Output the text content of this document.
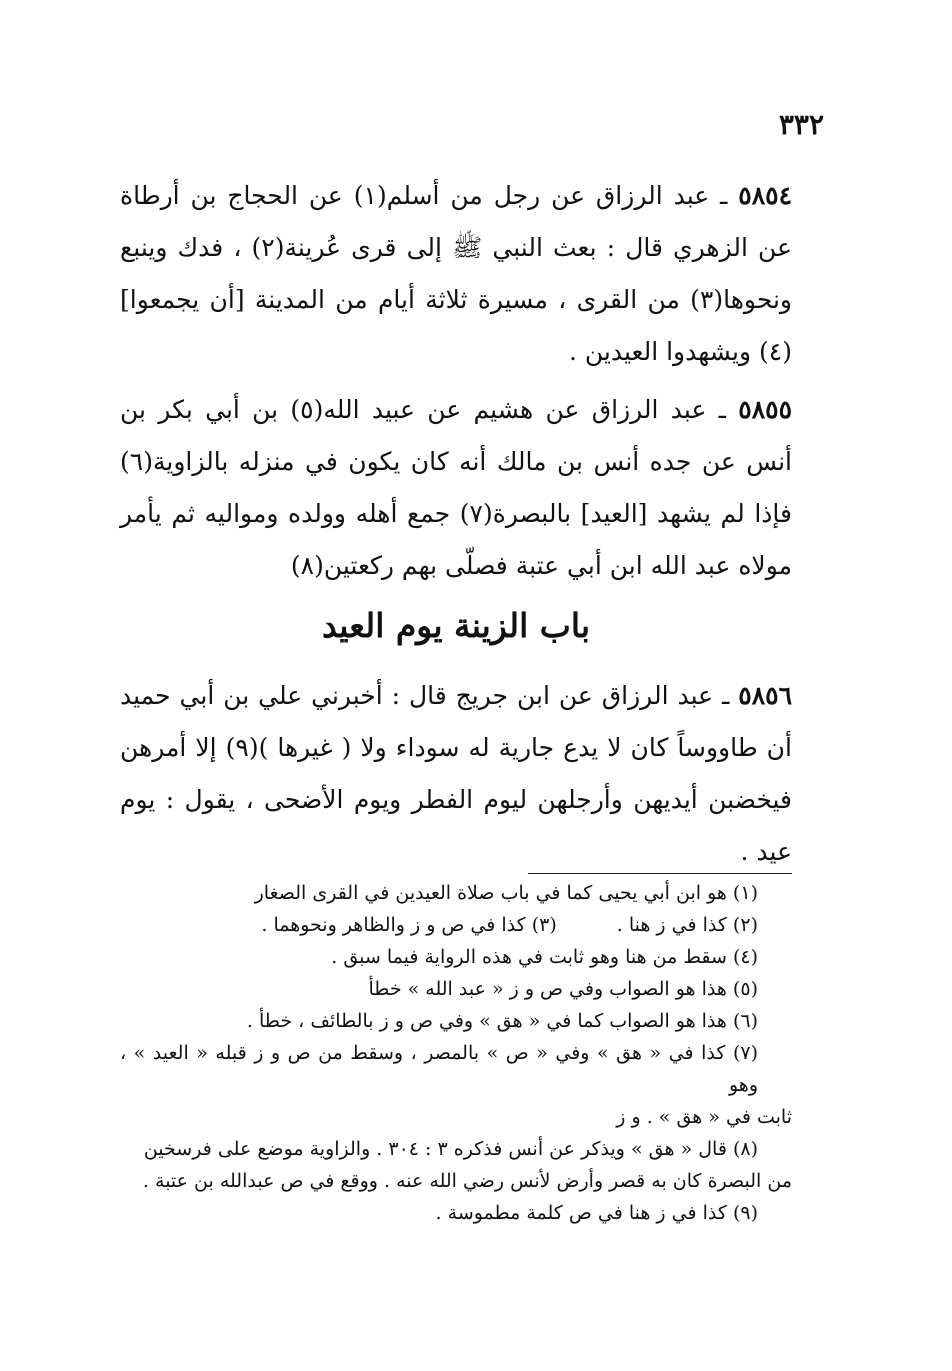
٣٣٢

٥٨٥٤ ـ عبد الرزاق عن رجل من أسلم(١) عن الحجاج بن أرطاة عن الزهري قال : بعث النبي ﷺ إلى قرى عُرينة(٢) ، فدك وينبع ونحوها(٣) من القرى ، مسيرة ثلاثة أيام من المدينة [أن يجمعوا](٤) ويشهدوا العيدين .

٥٨٥٥ ـ عبد الرزاق عن هشيم عن عبيد الله(٥) بن أبي بكر بن أنس عن جده أنس بن مالك أنه كان يكون في منزله بالزاوية(٦) فإذا لم يشهد [العيد] بالبصرة(٧) جمع أهله وولده ومواليه ثم يأمر مولاه عبد الله ابن أبي عتبة فصلّى بهم ركعتين(٨)

باب الزينة يوم العيد

٥٨٥٦ ـ عبد الرزاق عن ابن جريج قال : أخبرني علي بن أبي حميد أن طاووساً كان لا يدع جارية له سوداء ولا ( غيرها )(٩) إلا أمرهن فيخضبن أيديهن وأرجلهن ليوم الفطر ويوم الأضحى ، يقول : يوم عيد .

(١) هو ابن أبي يحيى كما في باب صلاة العيدين في القرى الصغار

(٢) كذا في ز هنا .(٣) كذا في ص و ز والظاهر ونحوهما .

(٤) سقط من هنا وهو ثابت في هذه الرواية فيما سبق .

(٥) هذا هو الصواب وفي ص و ز « عبد الله » خطأ

(٦) هذا هو الصواب كما في « هق » وفي ص و ز بالطائف ، خطأ .

(٧) كذا في « هق » وفي « ص » بالمصر ، وسقط من ص و ز قبله « العيد » ، وهو

ثابت في « هق » . و ز

(٨) قال « هق » ويذكر عن أنس فذكره ٣ : ٣٠٤ . والزاوية موضع على فرسخين

من البصرة كان به قصر وأرض لأنس رضي الله عنه . ووقع في ص عبدالله بن عتبة .

(٩) كذا في ز هنا في ص كلمة مطموسة .
